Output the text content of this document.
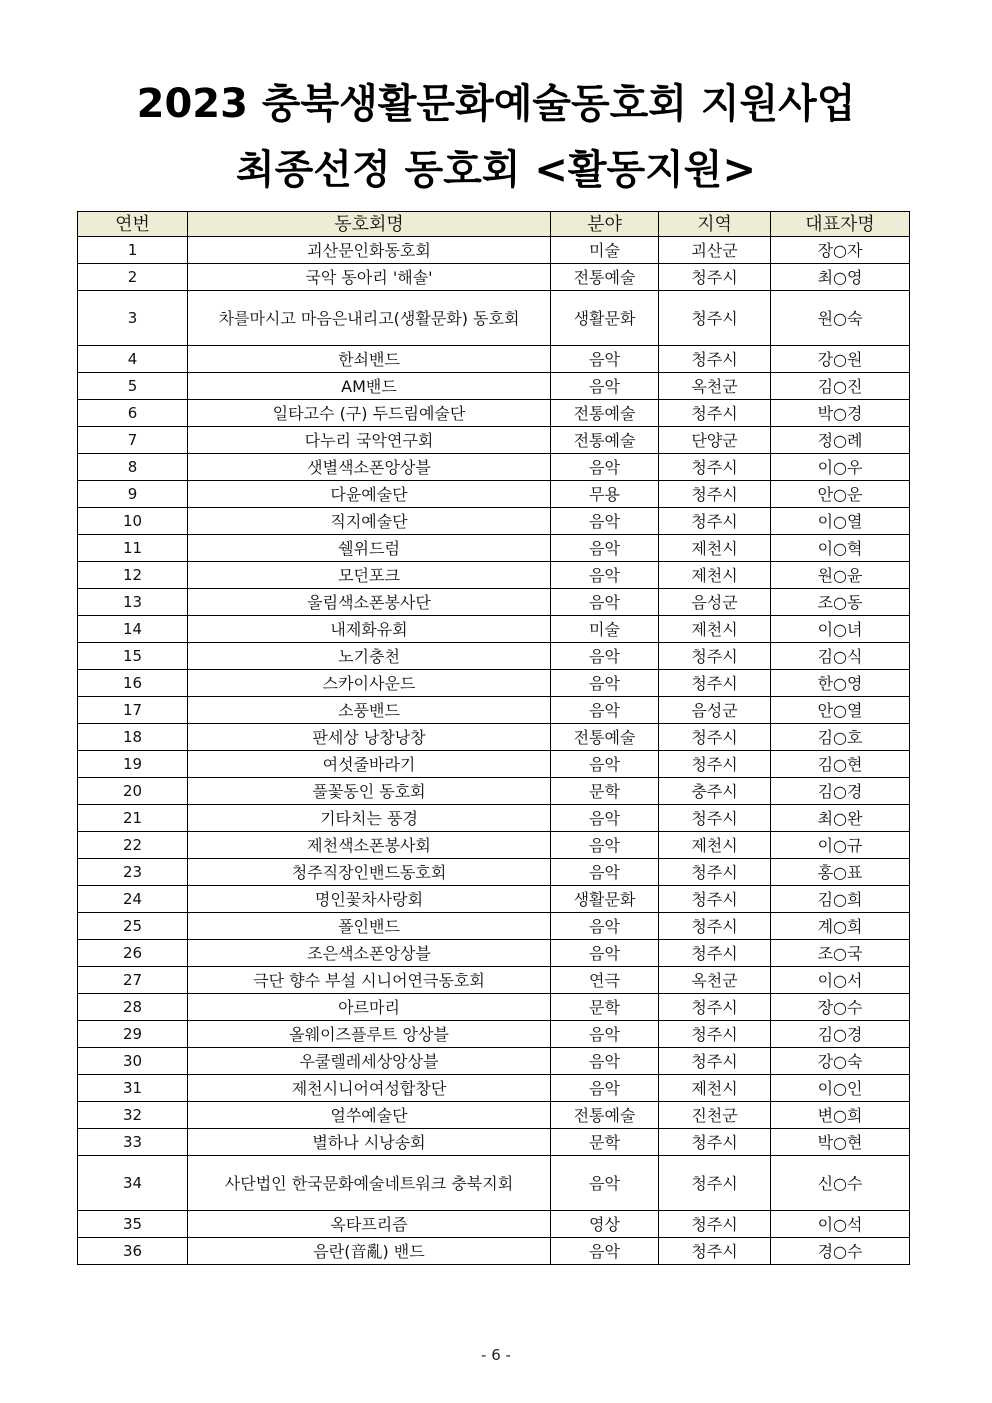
2023 충북생활문화예술동호회 지원사업
최종선정 동호회 <활동지원>
연번	동호회명	분야	지역	대표자명
1	괴산문인화동호회	미술	괴산군	장○자
2	국악 동아리 '해솔'	전통예술	청주시	최○영
3	차를마시고 마음은내리고(생활문화) 동호회	생활문화	청주시	원○숙
4	한쇠밴드	음악	청주시	강○원
5	AM밴드	음악	옥천군	김○진
6	일타고수 (구) 두드림예술단	전통예술	청주시	박○경
7	다누리 국악연구회	전통예술	단양군	정○례
8	샛별색소폰앙상블	음악	청주시	이○우
9	다윤예술단	무용	청주시	안○운
10	직지예술단	음악	청주시	이○열
11	쉘위드럼	음악	제천시	이○혁
12	모던포크	음악	제천시	원○윤
13	울림색소폰봉사단	음악	음성군	조○동
14	내제화유회	미술	제천시	이○녀
15	노기충천	음악	청주시	김○식
16	스카이사운드	음악	청주시	한○영
17	소풍밴드	음악	음성군	안○열
18	판세상 낭창낭창	전통예술	청주시	김○호
19	여섯줄바라기	음악	청주시	김○현
20	풀꽃동인 동호회	문학	충주시	김○경
21	기타치는 풍경	음악	청주시	최○완
22	제천색소폰봉사회	음악	제천시	이○규
23	청주직장인밴드동호회	음악	청주시	홍○표
24	명인꽃차사랑회	생활문화	청주시	김○희
25	폴인밴드	음악	청주시	계○희
26	조은색소폰앙상블	음악	청주시	조○국
27	극단 향수 부설 시니어연극동호회	연극	옥천군	이○서
28	아르마리	문학	청주시	장○수
29	올웨이즈플루트 앙상블	음악	청주시	김○경
30	우쿨렐레세상앙상블	음악	청주시	강○숙
31	제천시니어여성합창단	음악	제천시	이○인
32	얼쑤예술단	전통예술	진천군	변○희
33	별하나 시낭송회	문학	청주시	박○현
34	사단법인 한국문화예술네트워크 충북지회	음악	청주시	신○수
35	옥타프리즘	영상	청주시	이○석
36	음란(音亂) 밴드	음악	청주시	경○수
- 6 -
